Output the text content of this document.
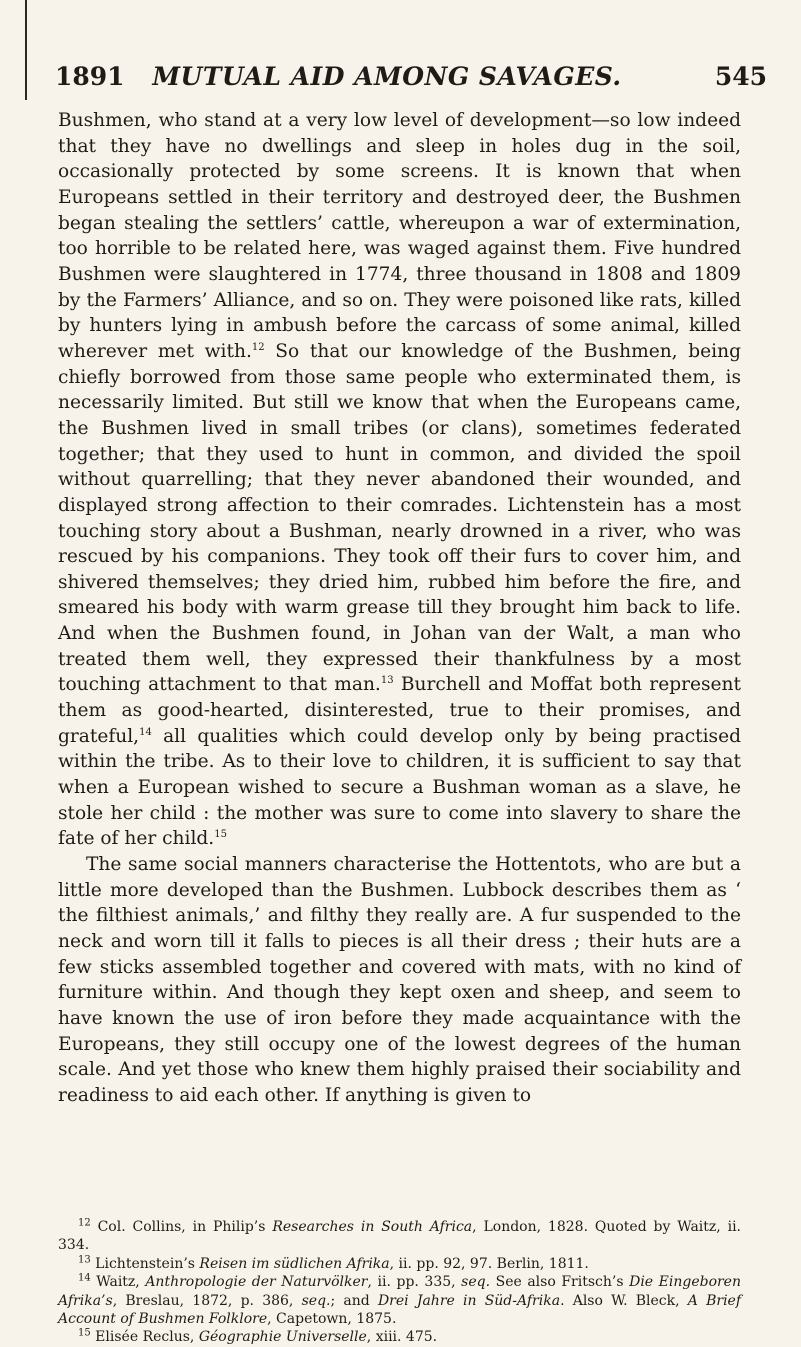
1891	MUTUAL AID AMONG SAVAGES.	545

Bushmen, who stand at a very low level of development—so low indeed that they have no dwellings and sleep in holes dug in the soil, occasionally protected by some screens. It is known that when Europeans settled in their territory and destroyed deer, the Bushmen began stealing the settlers’ cattle, whereupon a war of extermination, too horrible to be related here, was waged against them. Five hundred Bushmen were slaughtered in 1774, three thousand in 1808 and 1809 by the Farmers’ Alliance, and so on. They were poisoned like rats, killed by hunters lying in ambush before the carcass of some animal, killed wherever met with.$^{12}$ So that our knowledge of the Bushmen, being chiefly borrowed from those same people who exterminated them, is necessarily limited. But still we know that when the Europeans came, the Bushmen lived in small tribes (or clans), sometimes federated together; that they used to hunt in common, and divided the spoil without quarrelling; that they never abandoned their wounded, and displayed strong affection to their comrades. Lichtenstein has a most touching story about a Bushman, nearly drowned in a river, who was rescued by his companions. They took off their furs to cover him, and shivered themselves; they dried him, rubbed him before the fire, and smeared his body with warm grease till they brought him back to life. And when the Bushmen found, in Johan van der Walt, a man who treated them well, they expressed their thankfulness by a most touching attachment to that man.$^{13}$ Burchell and Moffat both represent them as good-hearted, disinterested, true to their promises, and grateful,$^{14}$ all qualities which could develop only by being practised within the tribe. As to their love to children, it is sufficient to say that when a European wished to secure a Bushman woman as a slave, he stole her child : the mother was sure to come into slavery to share the fate of her child.$^{15}$

The same social manners characterise the Hottentots, who are but a little more developed than the Bushmen. Lubbock describes them as ‘ the filthiest animals,’ and filthy they really are. A fur suspended to the neck and worn till it falls to pieces is all their dress ; their huts are a few sticks assembled together and covered with mats, with no kind of furniture within. And though they kept oxen and sheep, and seem to have known the use of iron before they made acquaintance with the Europeans, they still occupy one of the lowest degrees of the human scale. And yet those who knew them highly praised their sociability and readiness to aid each other. If anything is given to

$^{12}$ Col. Collins, in Philip’s Researches in South Africa, London, 1828. Quoted by Waitz, ii. 334.

$^{13}$ Lichtenstein’s Reisen im südlichen Afrika, ii. pp. 92, 97. Berlin, 1811.

$^{14}$ Waitz, Anthropologie der Naturvölker, ii. pp. 335, seq. See also Fritsch’s Die Eingeboren Afrika’s, Breslau, 1872, p. 386, seq.; and Drei Jahre in Süd-Afrika. Also W. Bleck, A Brief Account of Bushmen Folklore, Capetown, 1875.

$^{15}$ Elisée Reclus, Géographie Universelle, xiii. 475.
